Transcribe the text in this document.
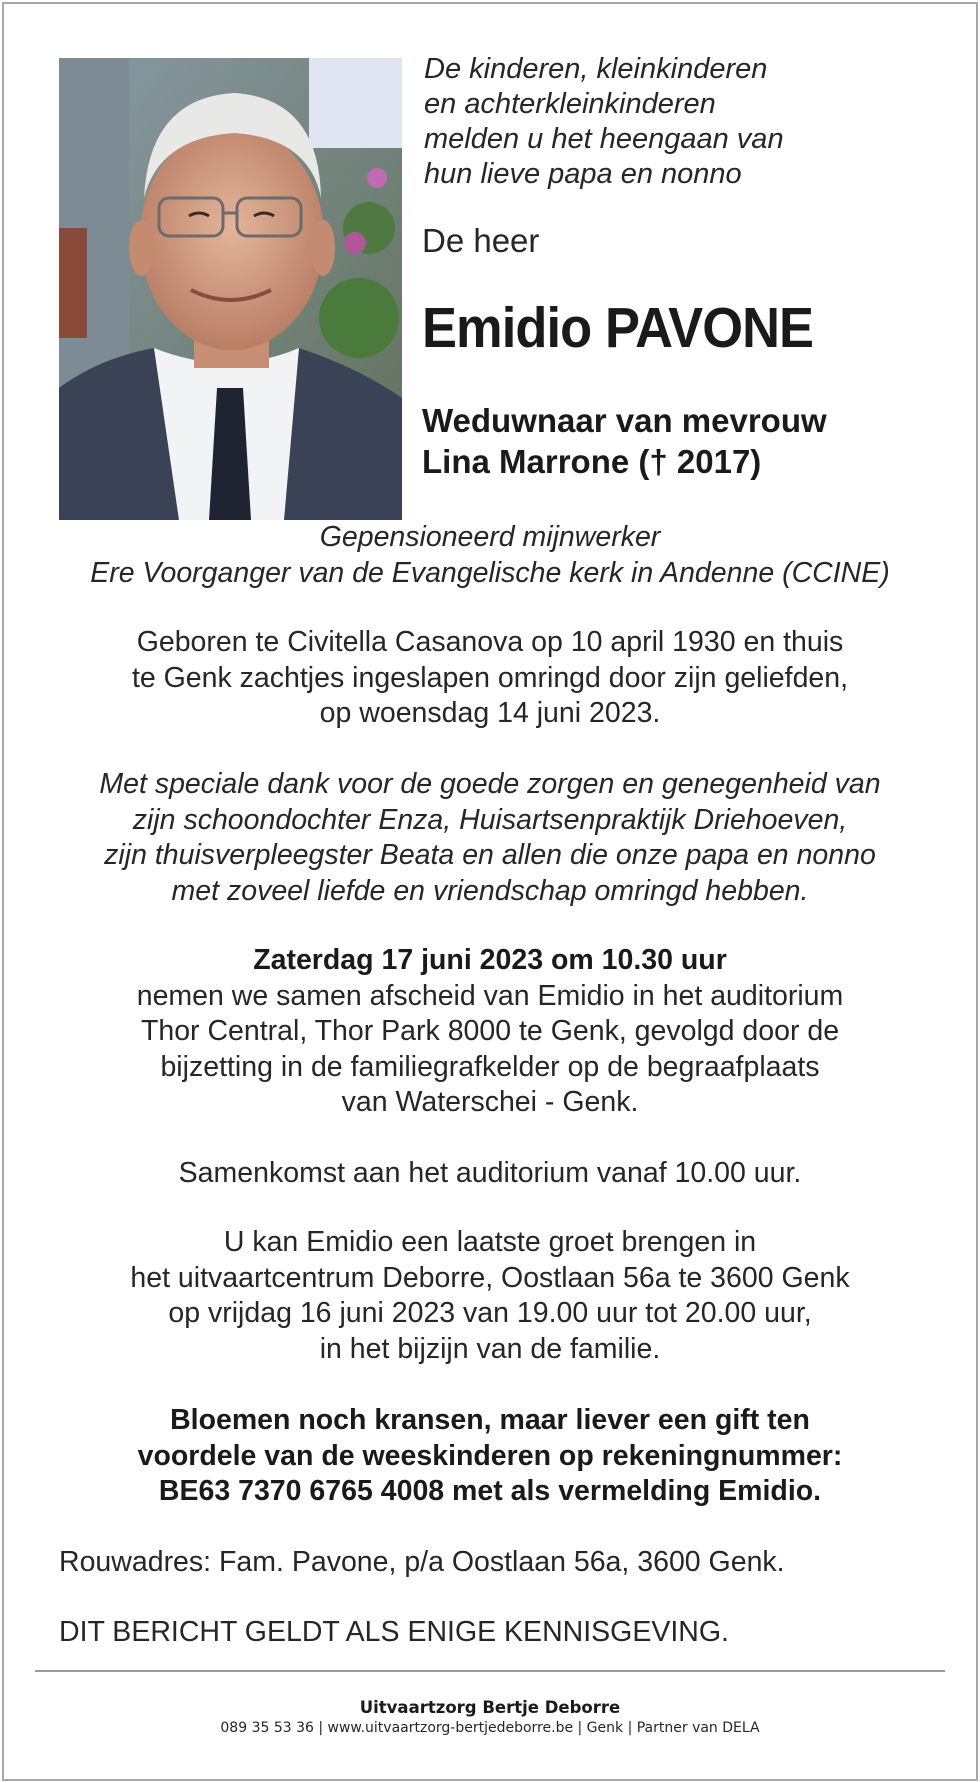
De kinderen, kleinkinderen
en achterkleinkinderen
melden u het heengaan van
hun lieve papa en nonno
De heer
Emidio PAVONE
Weduwnaar van mevrouw
Lina Marrone († 2017)
Gepensioneerd mijnwerker
Ere Voorganger van de Evangelische kerk in Andenne (CCINE)
Geboren te Civitella Casanova op 10 april 1930 en thuis
te Genk zachtjes ingeslapen omringd door zijn geliefden,
op woensdag 14 juni 2023.
Met speciale dank voor de goede zorgen en genegenheid van
zijn schoondochter Enza, Huisartsenpraktijk Driehoeven,
zijn thuisverpleegster Beata en allen die onze papa en nonno
met zoveel liefde en vriendschap omringd hebben.
Zaterdag 17 juni 2023 om 10.30 uur
nemen we samen afscheid van Emidio in het auditorium
Thor Central, Thor Park 8000 te Genk, gevolgd door de
bijzetting in de familiegrafkelder op de begraafplaats
van Waterschei - Genk.
Samenkomst aan het auditorium vanaf 10.00 uur.
U kan Emidio een laatste groet brengen in
het uitvaartcentrum Deborre, Oostlaan 56a te 3600 Genk
op vrijdag 16 juni 2023 van 19.00 uur tot 20.00 uur,
in het bijzijn van de familie.
Bloemen noch kransen, maar liever een gift ten
voordele van de weeskinderen op rekeningnummer:
BE63 7370 6765 4008 met als vermelding Emidio.
Rouwadres: Fam. Pavone, p/a Oostlaan 56a, 3600 Genk.
DIT BERICHT GELDT ALS ENIGE KENNISGEVING.
Uitvaartzorg Bertje Deborre
089 35 53 36 | www.uitvaartzorg-bertjedeborre.be | Genk | Partner van DELA
